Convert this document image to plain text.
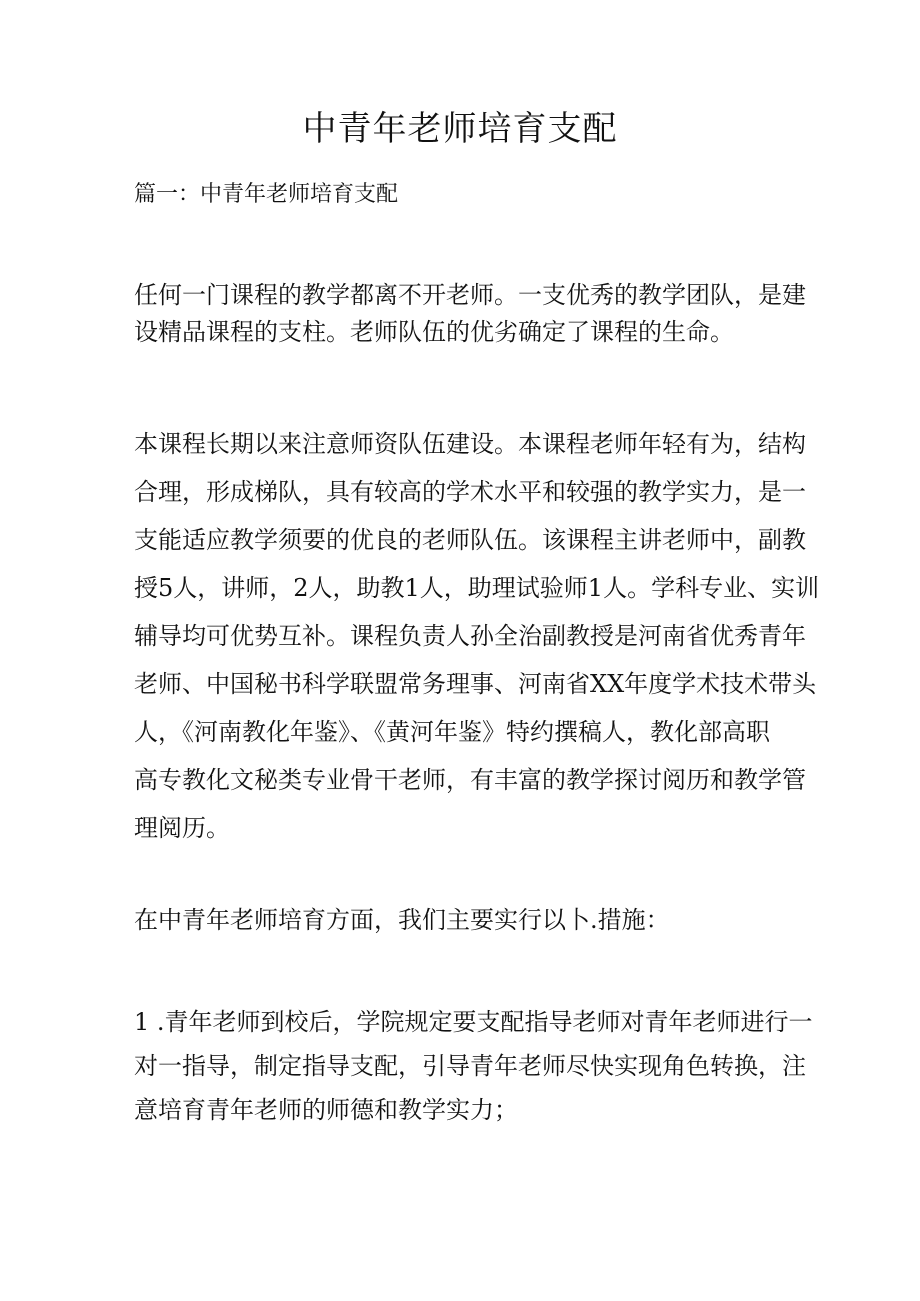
中青年老师培育支配
篇一：中青年老师培育支配
任何一门课程的教学都离不开老师。一支优秀的教学团队，是建
设精品课程的支柱。老师队伍的优劣确定了课程的生命。
本课程长期以来注意师资队伍建设。本课程老师年轻有为，结构
合理，形成梯队，具有较高的学术水平和较强的教学实力，是一
支能适应教学须要的优良的老师队伍。该课程主讲老师中，副教
授5人，讲师，2人，助教1人，助理试验师1人。学科专业、实训
辅导均可优势互补。课程负责人孙全治副教授是河南省优秀青年
老师、中国秘书科学联盟常务理事、河南省XX年度学术技术带头
人，《河南教化年鉴》、《黄河年鉴》特约撰稿人，教化部高职
高专教化文秘类专业骨干老师，有丰富的教学探讨阅历和教学管
理阅历。
在中青年老师培育方面，我们主要实行以卜.措施：
1 .青年老师到校后，学院规定要支配指导老师对青年老师进行一
对一指导，制定指导支配，引导青年老师尽快实现角色转换，注
意培育青年老师的师德和教学实力；
